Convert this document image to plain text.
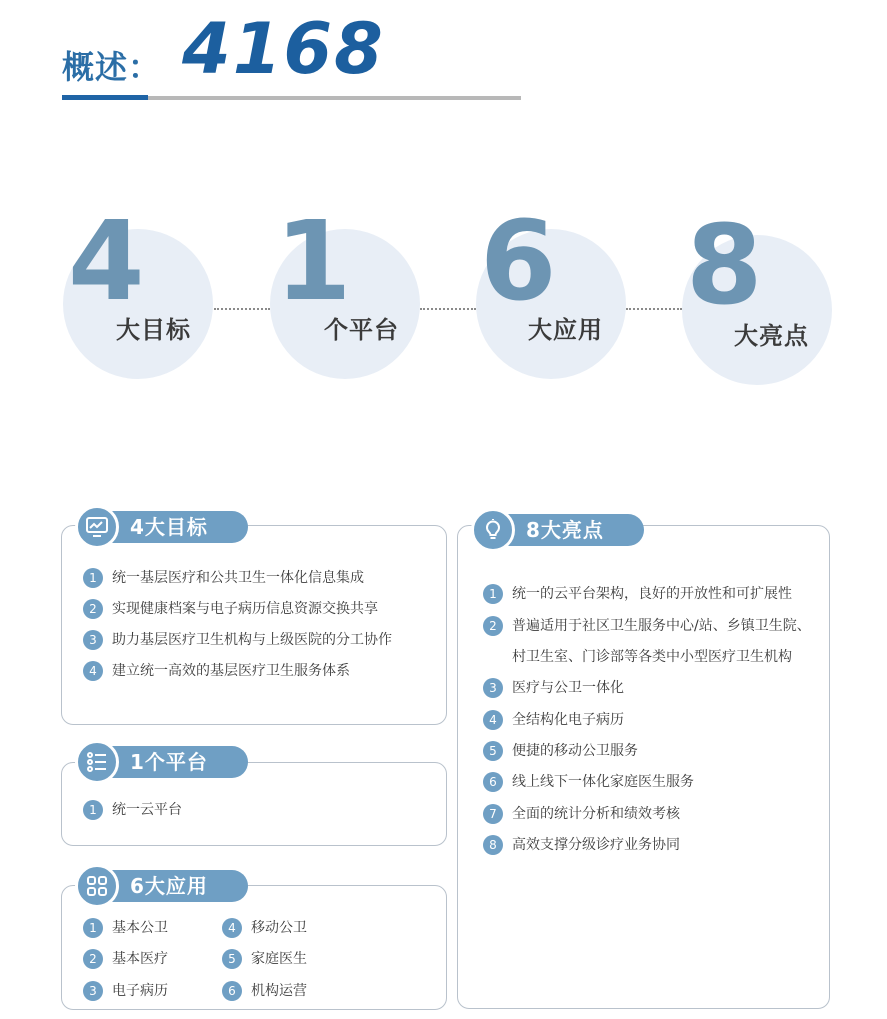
概述： 4168
4
大目标
1
个平台
6
大应用
8
大亮点
4大目标
1 统一基层医疗和公共卫生一体化信息集成
2 实现健康档案与电子病历信息资源交换共享
3 助力基层医疗卫生机构与上级医院的分工协作
4 建立统一高效的基层医疗卫生服务体系
1个平台
1 统一云平台
6大应用
1 基本公卫
2 基本医疗
3 电子病历
4 移动公卫
5 家庭医生
6 机构运营
8大亮点
1 统一的云平台架构，良好的开放性和可扩展性
2 普遍适用于社区卫生服务中心/站、乡镇卫生院、
村卫生室、门诊部等各类中小型医疗卫生机构
3 医疗与公卫一体化
4 全结构化电子病历
5 便捷的移动公卫服务
6 线上线下一体化家庭医生服务
7 全面的统计分析和绩效考核
8 高效支撑分级诊疗业务协同
